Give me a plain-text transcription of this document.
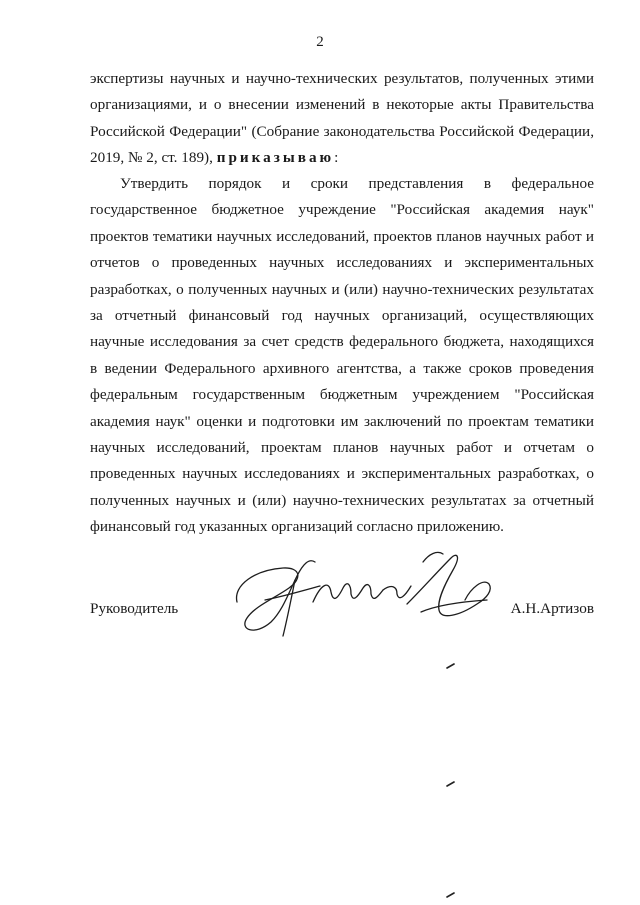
2
экспертизы научных и научно-технических результатов, полученных этими
организациями, и о внесении изменений в некоторые акты Правительства
Российской Федерации" (Собрание законодательства Российской Федерации,
2019, № 2, ст. 189), приказываю:
Утвердить порядок и сроки представления в федеральное
государственное бюджетное учреждение "Российская академия наук"
проектов тематики научных исследований, проектов планов научных работ и
отчетов о проведенных научных исследованиях и экспериментальных
разработках, о полученных научных и (или) научно-технических результатах
за отчетный финансовый год научных организаций, осуществляющих
научные исследования за счет средств федерального бюджета, находящихся
в ведении Федерального архивного агентства, а также сроков проведения
федеральным государственным бюджетным учреждением "Российская
академия наук" оценки и подготовки им заключений по проектам тематики
научных исследований, проектам планов научных работ и отчетам о
проведенных научных исследованиях и экспериментальных разработках, о
полученных научных и (или) научно-технических результатах за отчетный
финансовый год указанных организаций согласно приложению.
Руководитель	А.Н.Артизов
